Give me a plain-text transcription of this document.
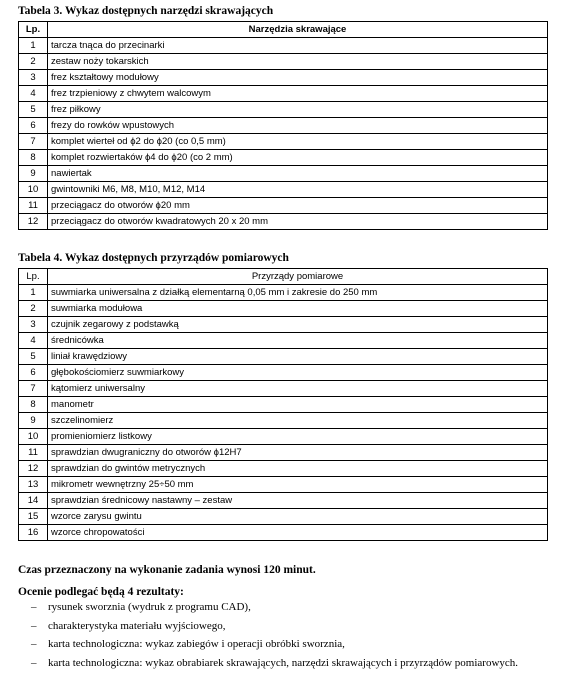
Tabela 3. Wykaz dostępnych narzędzi skrawających
Lp.	Narzędzia skrawające
1	tarcza tnąca do przecinarki
2	zestaw noży tokarskich
3	frez kształtowy modułowy
4	frez trzpieniowy z chwytem walcowym
5	frez piłkowy
6	frezy do rowków wpustowych
7	komplet wierteł od ϕ2 do ϕ20 (co 0,5 mm)
8	komplet rozwiertaków ϕ4 do ϕ20 (co 2 mm)
9	nawiertak
10	gwintowniki M6, M8, M10, M12, M14
11	przeciągacz do otworów ϕ20 mm
12	przeciągacz do otworów kwadratowych 20 x 20 mm
Tabela 4. Wykaz dostępnych przyrządów pomiarowych
Lp.	Przyrządy pomiarowe
1	suwmiarka uniwersalna z działką elementarną 0,05 mm i zakresie do 250 mm
2	suwmiarka modułowa
3	czujnik zegarowy z podstawką
4	średnicówka
5	liniał krawędziowy
6	głębokościomierz suwmiarkowy
7	kątomierz uniwersalny
8	manometr
9	szczelinomierz
10	promieniomierz listkowy
11	sprawdzian dwugraniczny do otworów ϕ12H7
12	sprawdzian do gwintów metrycznych
13	mikrometr wewnętrzny 25÷50 mm
14	sprawdzian średnicowy nastawny – zestaw
15	wzorce zarysu gwintu
16	wzorce chropowatości
Czas przeznaczony na wykonanie zadania wynosi 120 minut.
Ocenie podlegać będą 4 rezultaty:
– rysunek sworznia (wydruk z programu CAD),
– charakterystyka materiału wyjściowego,
– karta technologiczna: wykaz zabiegów i operacji obróbki sworznia,
– karta technologiczna: wykaz obrabiarek skrawających, narzędzi skrawających i przyrządów pomiarowych.
